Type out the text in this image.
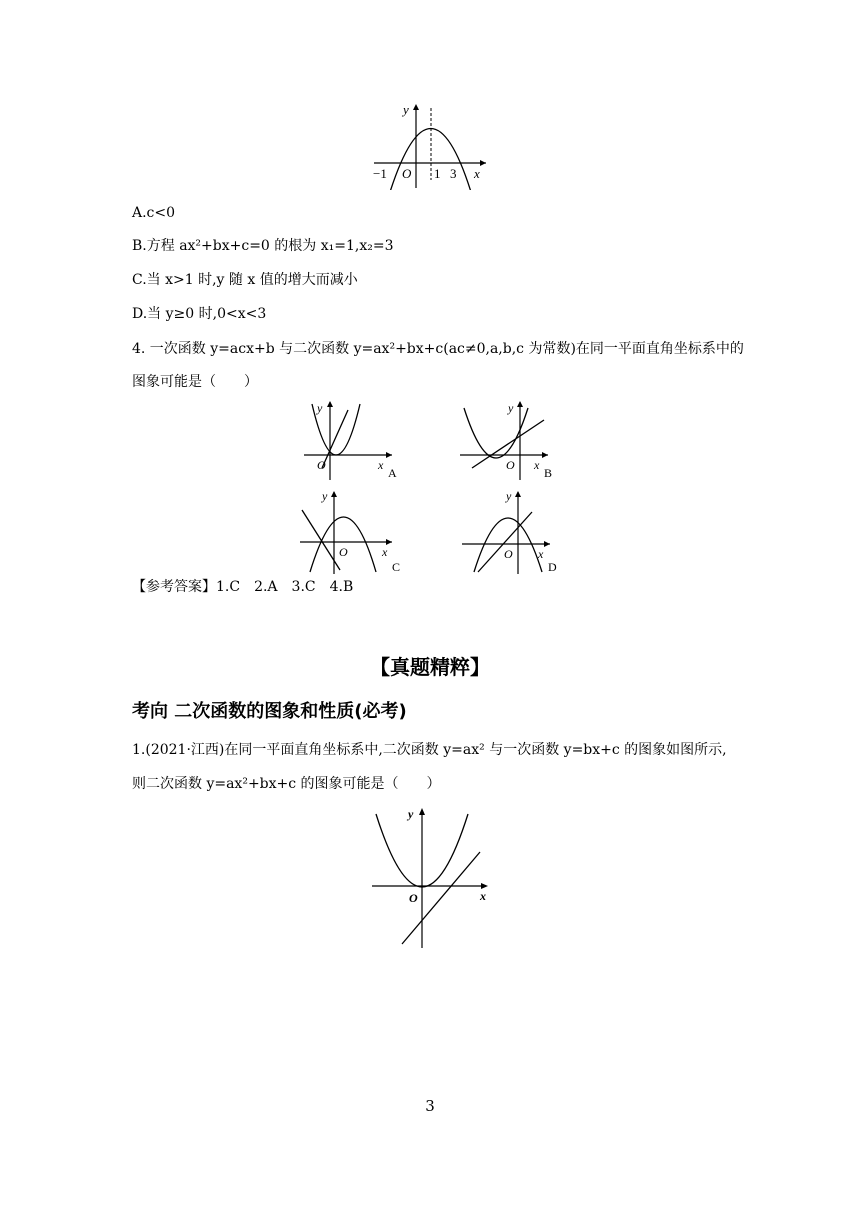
y
x
O
−1	1 3
A.c<0
B.方程 ax²+bx+c=0 的根为 x₁=1,x₂=3
C.当 x>1 时,y 随 x 值的增大而减小
D.当 y≥0 时,0<x<3
4. 一次函数 y=acx+b 与二次函数 y=ax²+bx+c(ac≠0,a,b,c 为常数)在同一平面直角坐标系中的
图象可能是（　　）
y
x
O
A
y
x
O
B
y
x
O
C
y
x
O
D
【参考答案】1.C　2.A　3.C　4.B
【真题精粹】
考向 二次函数的图象和性质(必考)
1.(2021·江西)在同一平面直角坐标系中,二次函数 y=ax² 与一次函数 y=bx+c 的图象如图所示,
则二次函数 y=ax²+bx+c 的图象可能是（　　）
y
x
O
3
